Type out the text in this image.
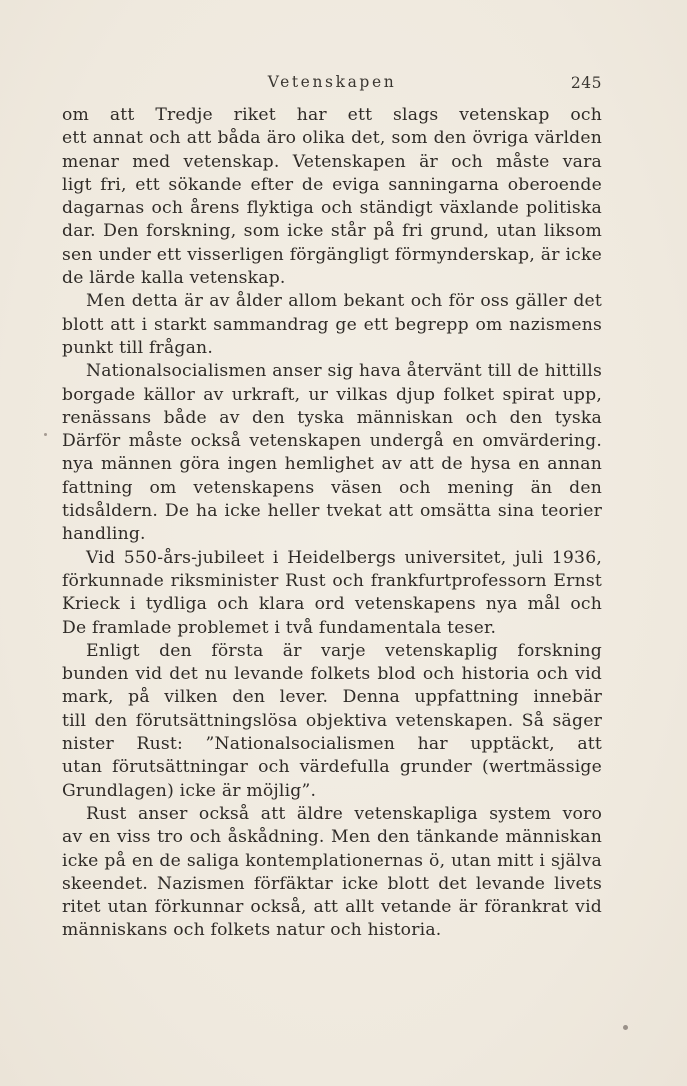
Vetenskapen	245
om att Tredje riket har ett slags vetenskap och
ett annat och att båda äro olika det, som den övriga världen
menar med vetenskap. Vetenskapen är och måste vara
ligt fri, ett sökande efter de eviga sanningarna oberoende
dagarnas och årens flyktiga och ständigt växlande politiska
dar. Den forskning, som icke står på fri grund, utan liksom
sen under ett visserligen förgängligt förmynderskap, är icke
de lärde kalla vetenskap.
Men detta är av ålder allom bekant och för oss gäller det
blott att i starkt sammandrag ge ett begrepp om nazismens
punkt till frågan.
Nationalsocialismen anser sig hava återvänt till de hittills
borgade källor av urkraft, ur vilkas djup folket spirat upp,
renässans både av den tyska människan och den tyska
Därför måste också vetenskapen undergå en omvärdering.
nya männen göra ingen hemlighet av att de hysa en annan
fattning om vetenskapens väsen och mening än den
tidsåldern. De ha icke heller tvekat att omsätta sina teorier
handling.
Vid 550-års-jubileet i Heidelbergs universitet, juli 1936,
förkunnade riksminister Rust och frankfurtprofessorn Ernst
Krieck i tydliga och klara ord vetenskapens nya mål och
De framlade problemet i två fundamentala teser.
Enligt den första är varje vetenskaplig forskning
bunden vid det nu levande folkets blod och historia och vid
mark, på vilken den lever. Denna uppfattning innebär
till den förutsättningslösa objektiva vetenskapen. Så säger
nister Rust: ”Nationalsocialismen har upptäckt, att
utan förutsättningar och värdefulla grunder (wertmässige
Grundlagen) icke är möjlig”.
Rust anser också att äldre vetenskapliga system voro
av en viss tro och åskådning. Men den tänkande människan
icke på en de saliga kontemplationernas ö, utan mitt i själva
skeendet. Nazismen förfäktar icke blott det levande livets
ritet utan förkunnar också, att allt vetande är förankrat vid
människans och folkets natur och historia.
